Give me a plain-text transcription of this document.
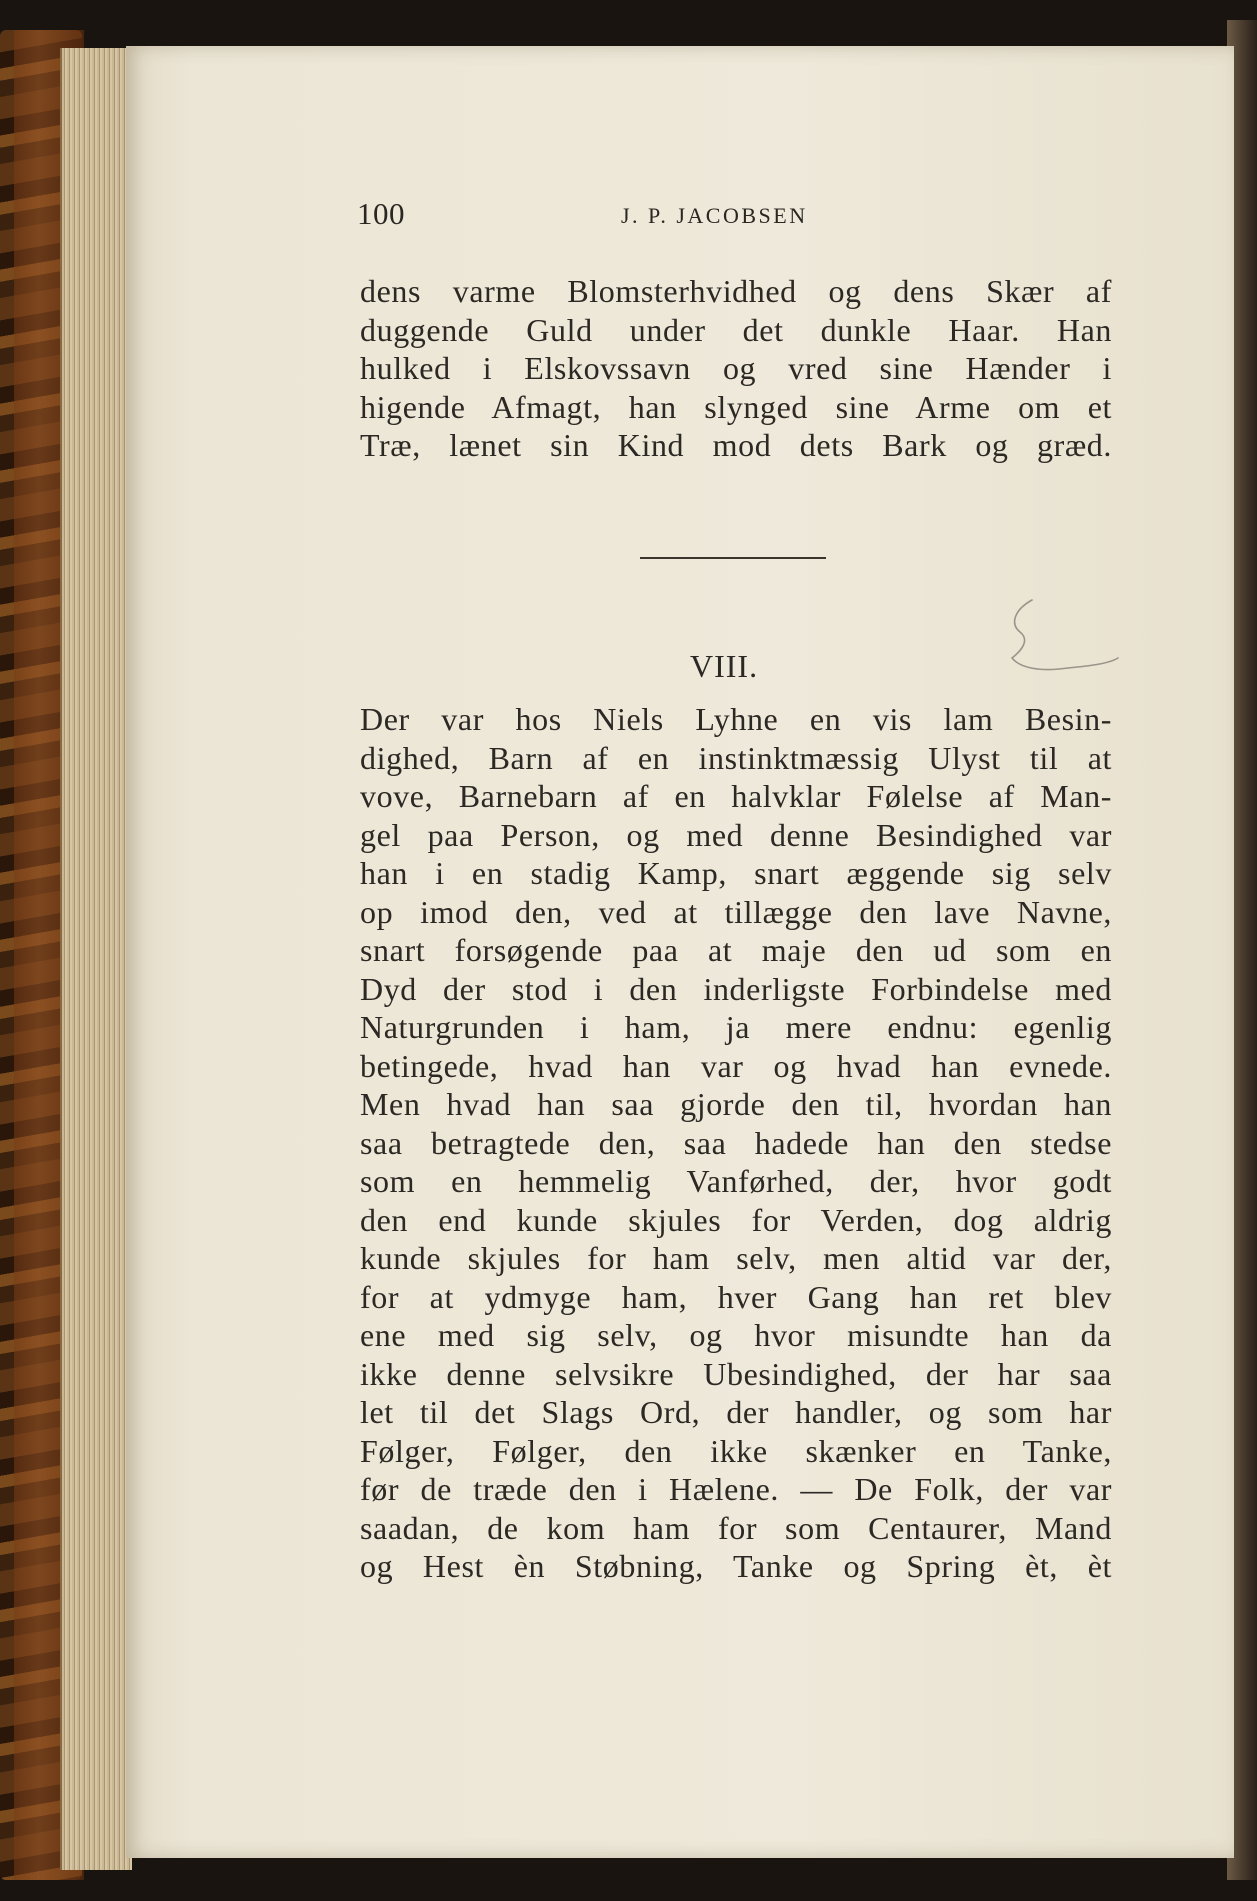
100	J. P. JACOBSEN
dens varme Blomsterhvidhed og dens Skær af
duggende Guld under det dunkle Haar. Han
hulked i Elskovssavn og vred sine Hænder i
higende Afmagt, han slynged sine Arme om et
Træ, lænet sin Kind mod dets Bark og græd.
VIII.
Der var hos Niels Lyhne en vis lam Besin-
dighed, Barn af en instinktmæssig Ulyst til at
vove, Barnebarn af en halvklar Følelse af Man-
gel paa Person, og med denne Besindighed var
han i en stadig Kamp, snart æggende sig selv
op imod den, ved at tillægge den lave Navne,
snart forsøgende paa at maje den ud som en
Dyd der stod i den inderligste Forbindelse med
Naturgrunden i ham, ja mere endnu: egenlig
betingede, hvad han var og hvad han evnede.
Men hvad han saa gjorde den til, hvordan han
saa betragtede den, saa hadede han den stedse
som en hemmelig Vanførhed, der, hvor godt
den end kunde skjules for Verden, dog aldrig
kunde skjules for ham selv, men altid var der,
for at ydmyge ham, hver Gang han ret blev
ene med sig selv, og hvor misundte han da
ikke denne selvsikre Ubesindighed, der har saa
let til det Slags Ord, der handler, og som har
Følger, Følger, den ikke skænker en Tanke,
før de træde den i Hælene. — De Folk, der var
saadan, de kom ham for som Centaurer, Mand
og Hest èn Støbning, Tanke og Spring èt, èt
